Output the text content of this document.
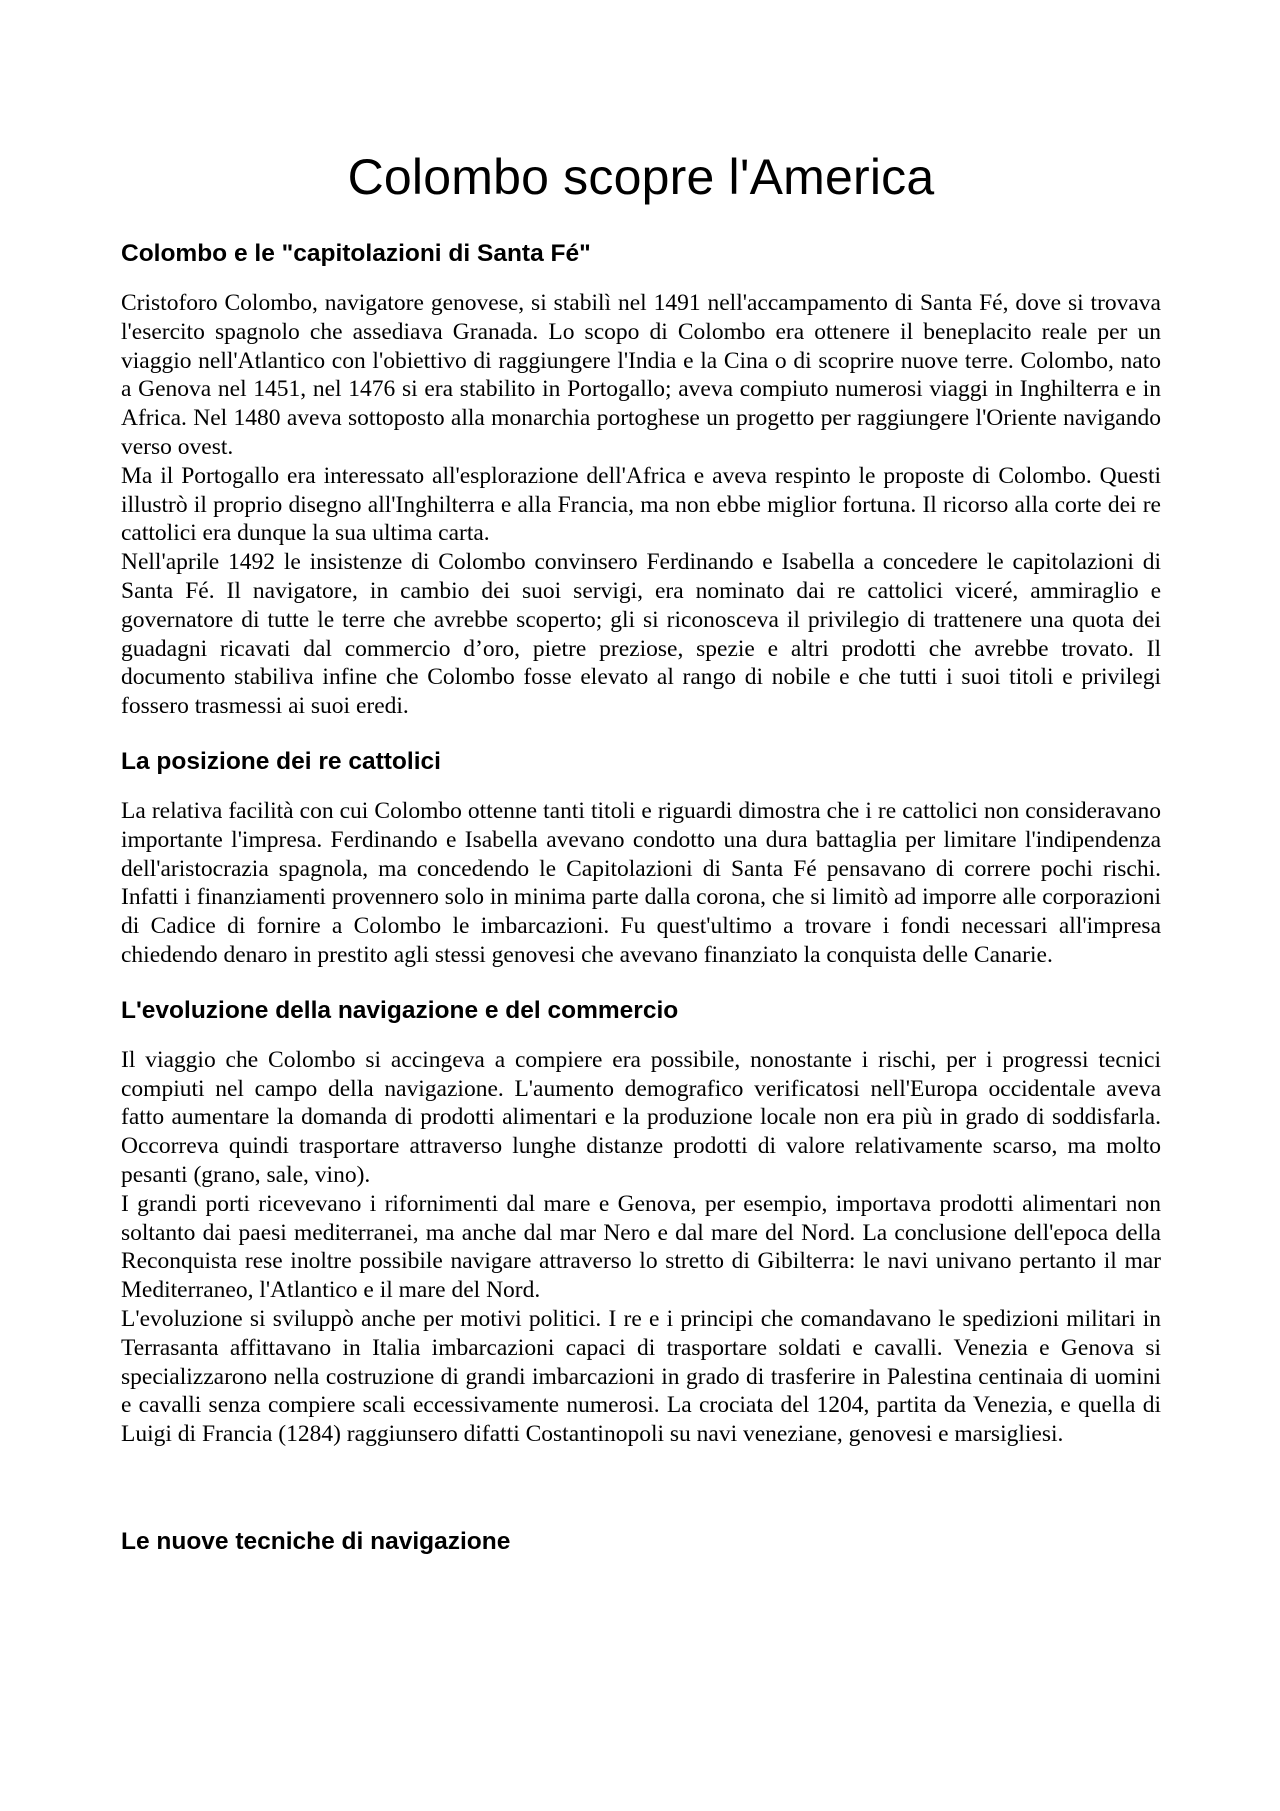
Colombo scopre l'America
Colombo e le "capitolazioni di Santa Fé"

Cristoforo Colombo, navigatore genovese, si stabilì nel 1491 nell'accampamento di Santa Fé, dove si trovava l'esercito spagnolo che assediava Granada. Lo scopo di Colombo era ottenere il beneplacito reale per un viaggio nell'Atlantico con l'obiettivo di raggiungere l'India e la Cina o di scoprire nuove terre. Colombo, nato a Genova nel 1451, nel 1476 si era stabilito in Portogallo; aveva compiuto numerosi viaggi in Inghilterra e in Africa. Nel 1480 aveva sottoposto alla monarchia portoghese un progetto per raggiungere l'Oriente navigando verso ovest.

Ma il Portogallo era interessato all'esplorazione dell'Africa e aveva respinto le proposte di Colombo. Questi illustrò il proprio disegno all'Inghilterra e alla Francia, ma non ebbe miglior fortuna. Il ricorso alla corte dei re cattolici era dunque la sua ultima carta.

Nell'aprile 1492 le insistenze di Colombo convinsero Ferdinando e Isabella a concedere le capitolazioni di Santa Fé. Il navigatore, in cambio dei suoi servigi, era nominato dai re cattolici viceré, ammiraglio e governatore di tutte le terre che avrebbe scoperto; gli si riconosceva il privilegio di trattenere una quota dei guadagni ricavati dal commercio d’oro, pietre preziose, spezie e altri prodotti che avrebbe trovato. Il documento stabiliva infine che Colombo fosse elevato al rango di nobile e che tutti i suoi titoli e privilegi fossero trasmessi ai suoi eredi.

La posizione dei re cattolici

La relativa facilità con cui Colombo ottenne tanti titoli e riguardi dimostra che i re cattolici non consideravano importante l'impresa. Ferdinando e Isabella avevano condotto una dura battaglia per limitare l'indipendenza dell'aristocrazia spagnola, ma concedendo le Capitolazioni di Santa Fé pensavano di correre pochi rischi. Infatti i finanziamenti provennero solo in minima parte dalla corona, che si limitò ad imporre alle corporazioni di Cadice di fornire a Colombo le imbarcazioni. Fu quest'ultimo a trovare i fondi necessari all'impresa chiedendo denaro in prestito agli stessi genovesi che avevano finanziato la conquista delle Canarie.

L'evoluzione della navigazione e del commercio

Il viaggio che Colombo si accingeva a compiere era possibile, nonostante i rischi, per i progressi tecnici compiuti nel campo della navigazione. L'aumento demografico verificatosi nell'Europa occidentale aveva fatto aumentare la domanda di prodotti alimentari e la produzione locale non era più in grado di soddisfarla. Occorreva quindi trasportare attraverso lunghe distanze prodotti di valore relativamente scarso, ma molto pesanti (grano, sale, vino).

I grandi porti ricevevano i rifornimenti dal mare e Genova, per esempio, importava prodotti alimentari non soltanto dai paesi mediterranei, ma anche dal mar Nero e dal mare del Nord. La conclusione dell'epoca della Reconquista rese inoltre possibile navigare attraverso lo stretto di Gibilterra: le navi univano pertanto il mar Mediterraneo, l'Atlantico e il mare del Nord.

L'evoluzione si sviluppò anche per motivi politici. I re e i principi che comandavano le spedizioni militari in Terrasanta affittavano in Italia imbarcazioni capaci di trasportare soldati e cavalli. Venezia e Genova si specializzarono nella costruzione di grandi imbarcazioni in grado di trasferire in Palestina centinaia di uomini e cavalli senza compiere scali eccessivamente numerosi. La crociata del 1204, partita da Venezia, e quella di Luigi di Francia (1284) raggiunsero difatti Costantinopoli su navi veneziane, genovesi e marsigliesi.

Le nuove tecniche di navigazione
